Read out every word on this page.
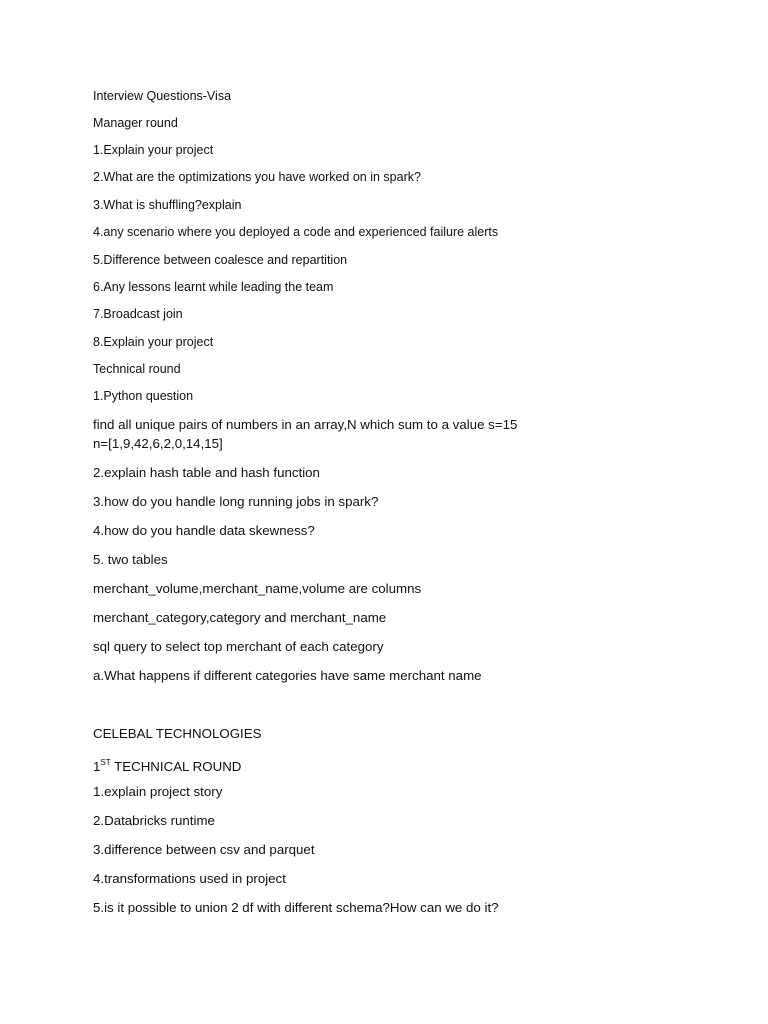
Interview Questions-Visa
Manager round
1.Explain your project
2.What are the optimizations you have worked on in spark?
3.What is shuffling?explain
4.any scenario where you deployed a code and experienced failure alerts
5.Difference between coalesce and repartition
6.Any lessons learnt while leading the team
7.Broadcast join
8.Explain your project
Technical round
1.Python question
find all unique pairs of numbers in an array,N which sum to a value s=15
n=[1,9,42,6,2,0,14,15]
2.explain hash table and hash function
3.how do you handle long running jobs in spark?
4.how do you handle data skewness?
5. two tables
merchant_volume,merchant_name,volume are columns
merchant_category,category and merchant_name
sql query to select top merchant of each category
a.What happens if different categories have same merchant name
CELEBAL TECHNOLOGIES
1ST TECHNICAL ROUND
1.explain project story
2.Databricks runtime
3.difference between csv and parquet
4.transformations used in project
5.is it possible to union 2 df with different schema?How can we do it?
